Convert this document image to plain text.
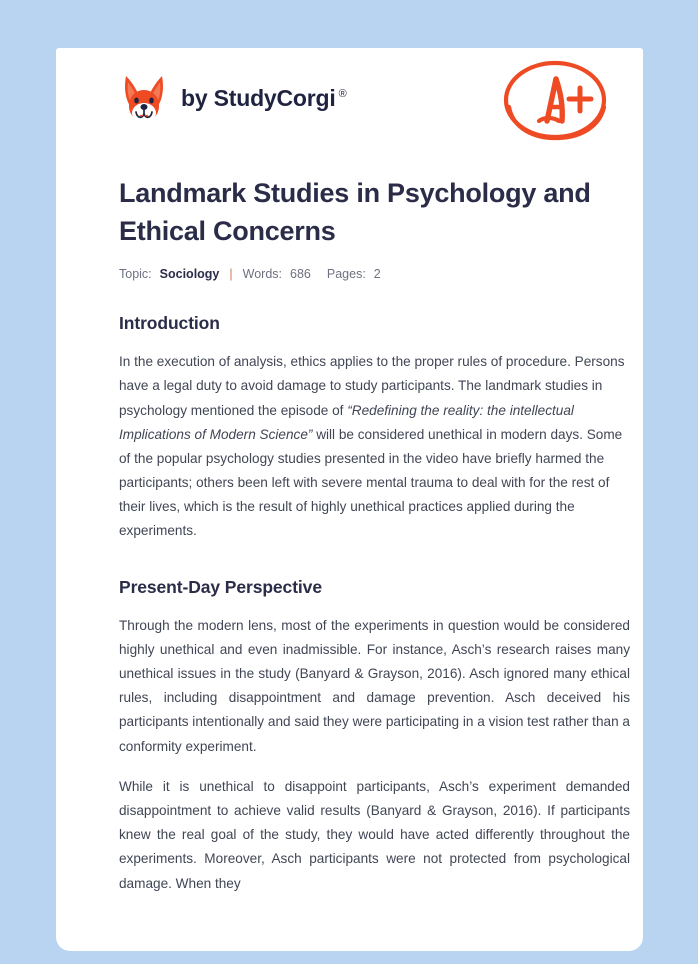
by StudyCorgi ®
Landmark Studies in Psychology and Ethical Concerns
Topic: Sociology | Words: 686 Pages: 2
Introduction

In the execution of analysis, ethics applies to the proper rules of procedure. Persons have a legal duty to avoid damage to study participants. The landmark studies in psychology mentioned the episode of “Redefining the reality: the intellectual Implications of Modern Science” will be considered unethical in modern days. Some of the popular psychology studies presented in the video have briefly harmed the participants; others been left with severe mental trauma to deal with for the rest of their lives, which is the result of highly unethical practices applied during the experiments.

Present-Day Perspective

Through the modern lens, most of the experiments in question would be considered highly unethical and even inadmissible. For instance, Asch’s research raises many unethical issues in the study (Banyard & Grayson, 2016). Asch ignored many ethical rules, including disappointment and damage prevention. Asch deceived his participants intentionally and said they were participating in a vision test rather than a conformity experiment.

While it is unethical to disappoint participants, Asch’s experiment demanded disappointment to achieve valid results (Banyard & Grayson, 2016). If participants knew the real goal of the study, they would have acted differently throughout the experiments. Moreover, Asch participants were not protected from psychological damage. When they
